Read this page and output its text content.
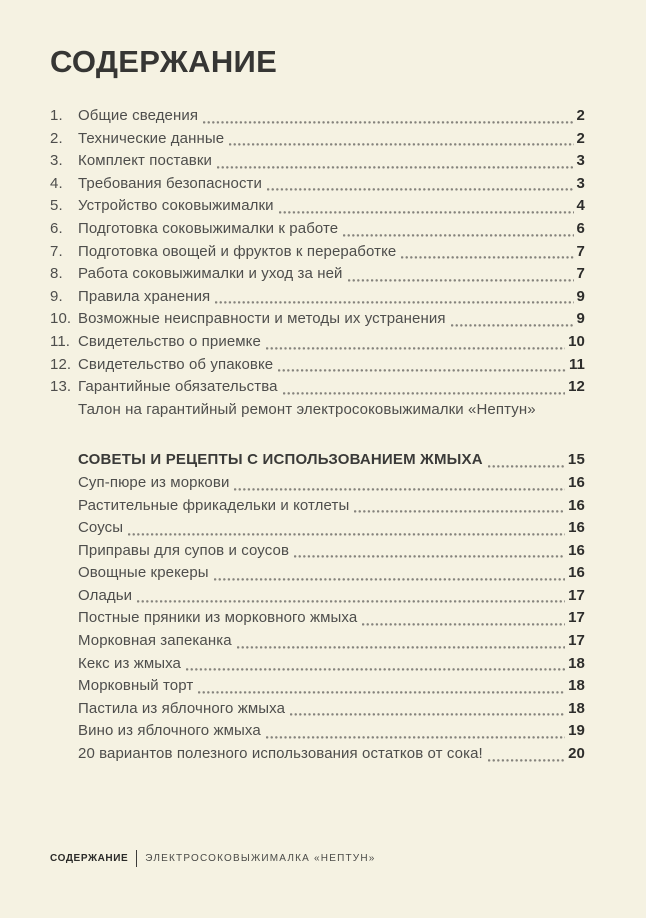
СОДЕРЖАНИЕ
1.	Общие сведения	2
2.	Технические данные	2
3.	Комплект поставки	3
4.	Требования безопасности	3
5.	Устройство соковыжималки	4
6.	Подготовка соковыжималки к работе	6
7.	Подготовка овощей и фруктов к переработке	7
8.	Работа соковыжималки и уход за ней	7
9.	Правила хранения	9
10. Возможные неисправности и методы их устранения	9
11. Свидетельство о приемке	10
12. Свидетельство об упаковке	11
13. Гарантийные обязательства	12
Талон на гарантийный ремонт электросоковыжималки «Нептун»
СОВЕТЫ И РЕЦЕПТЫ С ИСПОЛЬЗОВАНИЕМ ЖМЫХА	15
Суп-пюре из моркови	16
Растительные фрикадельки и котлеты	16
Соусы	16
Приправы для супов и соусов	16
Овощные крекеры	16
Оладьи	17
Постные пряники из морковного жмыха	17
Морковная запеканка	17
Кекс из жмыха	18
Морковный торт	18
Пастила из яблочного жмыха	18
Вино из яблочного жмыха	19
20 вариантов полезного использования остатков от сока!	20
СОДЕРЖАНИЕ ЭЛЕКТРОСОКОВЫЖИМАЛКА «НЕПТУН»
